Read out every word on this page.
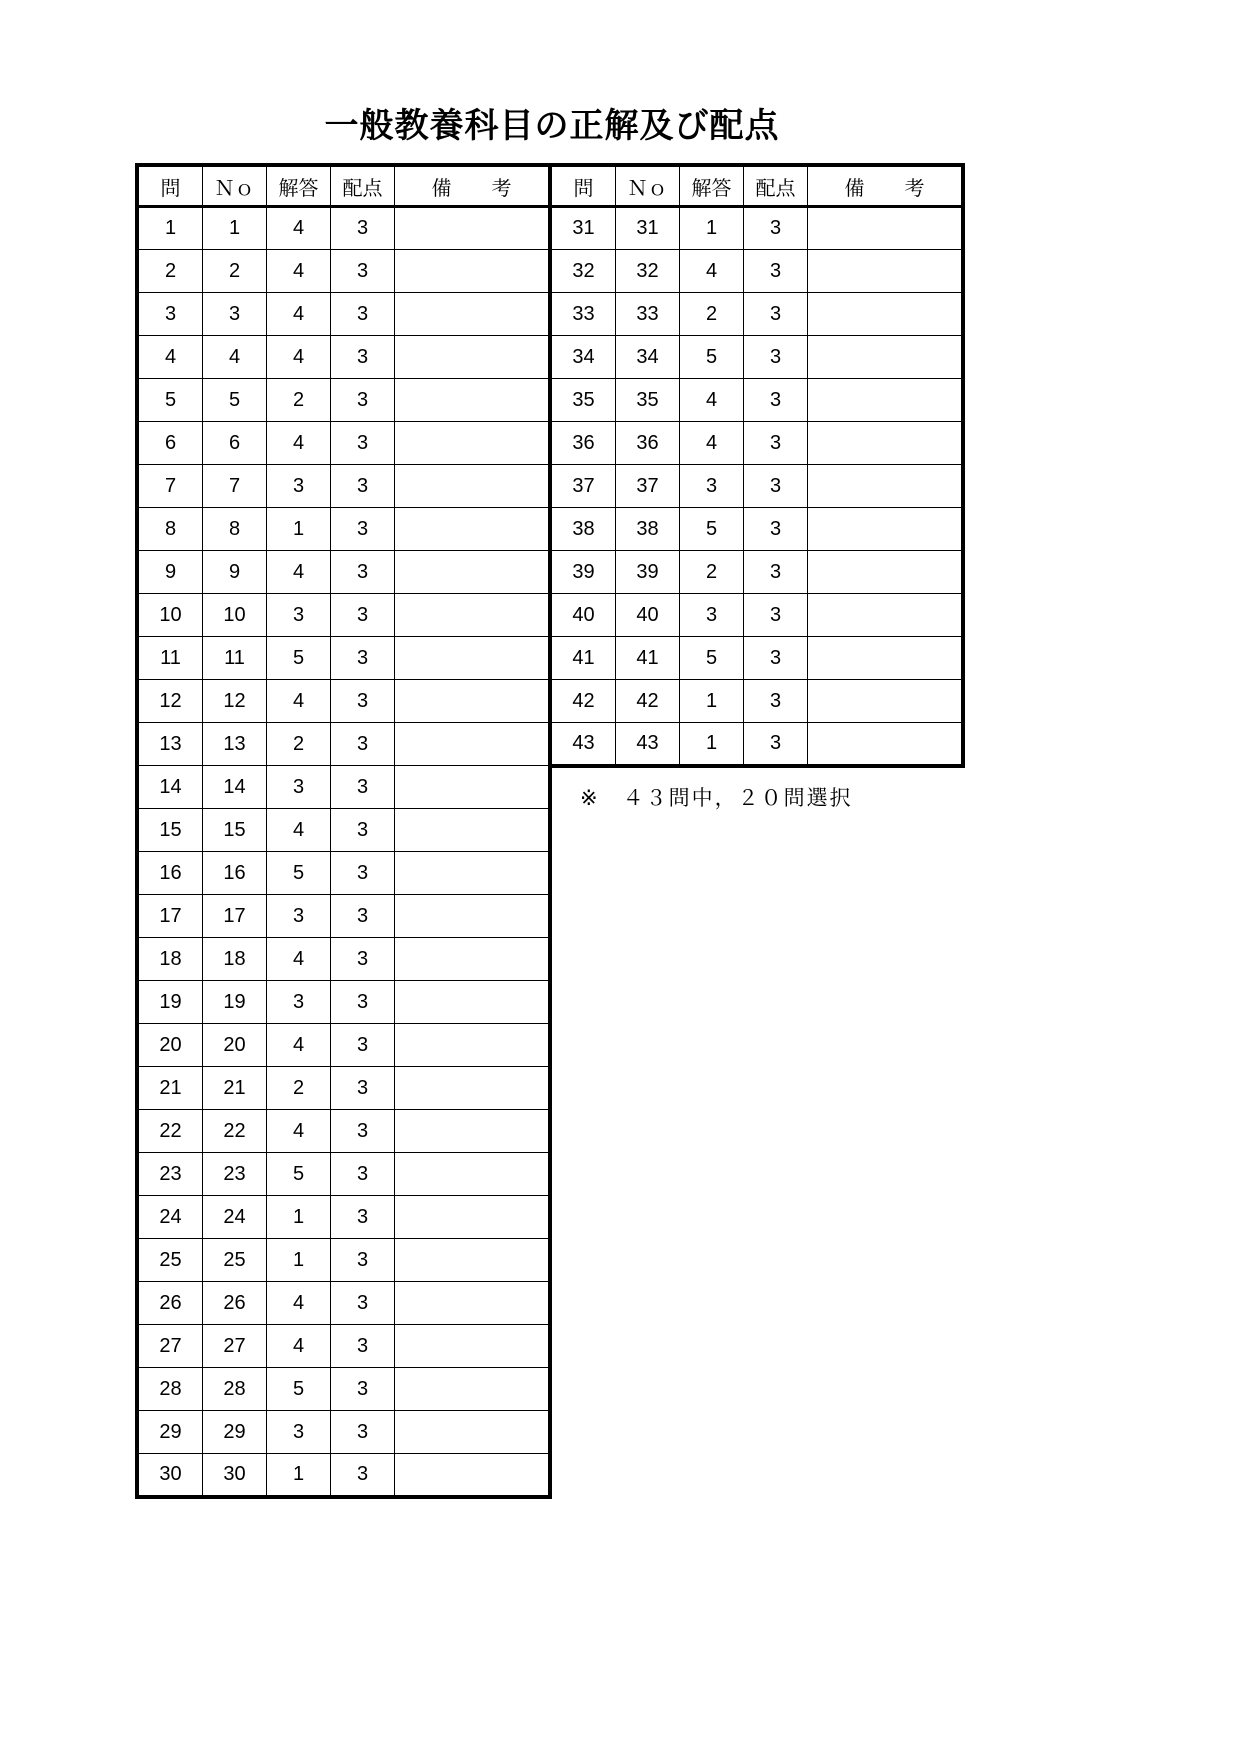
一般教養科目の正解及び配点
問	Ｎｏ	解答	配点	備　　考
1	1	4	3	
2	2	4	3	
3	3	4	3	
4	4	4	3	
5	5	2	3	
6	6	4	3	
7	7	3	3	
8	8	1	3	
9	9	4	3	
10	10	3	3	
11	11	5	3	
12	12	4	3	
13	13	2	3	
14	14	3	3	
15	15	4	3	
16	16	5	3	
17	17	3	3	
18	18	4	3	
19	19	3	3	
20	20	4	3	
21	21	2	3	
22	22	4	3	
23	23	5	3	
24	24	1	3	
25	25	1	3	
26	26	4	3	
27	27	4	3	
28	28	5	3	
29	29	3	3	
30	30	1	3	
問	Ｎｏ	解答	配点	備　　考
31	31	1	3	
32	32	4	3	
33	33	2	3	
34	34	5	3	
35	35	4	3	
36	36	4	3	
37	37	3	3	
38	38	5	3	
39	39	2	3	
40	40	3	3	
41	41	5	3	
42	42	1	3	
43	43	1	3	
※　４３問中，２０問選択
